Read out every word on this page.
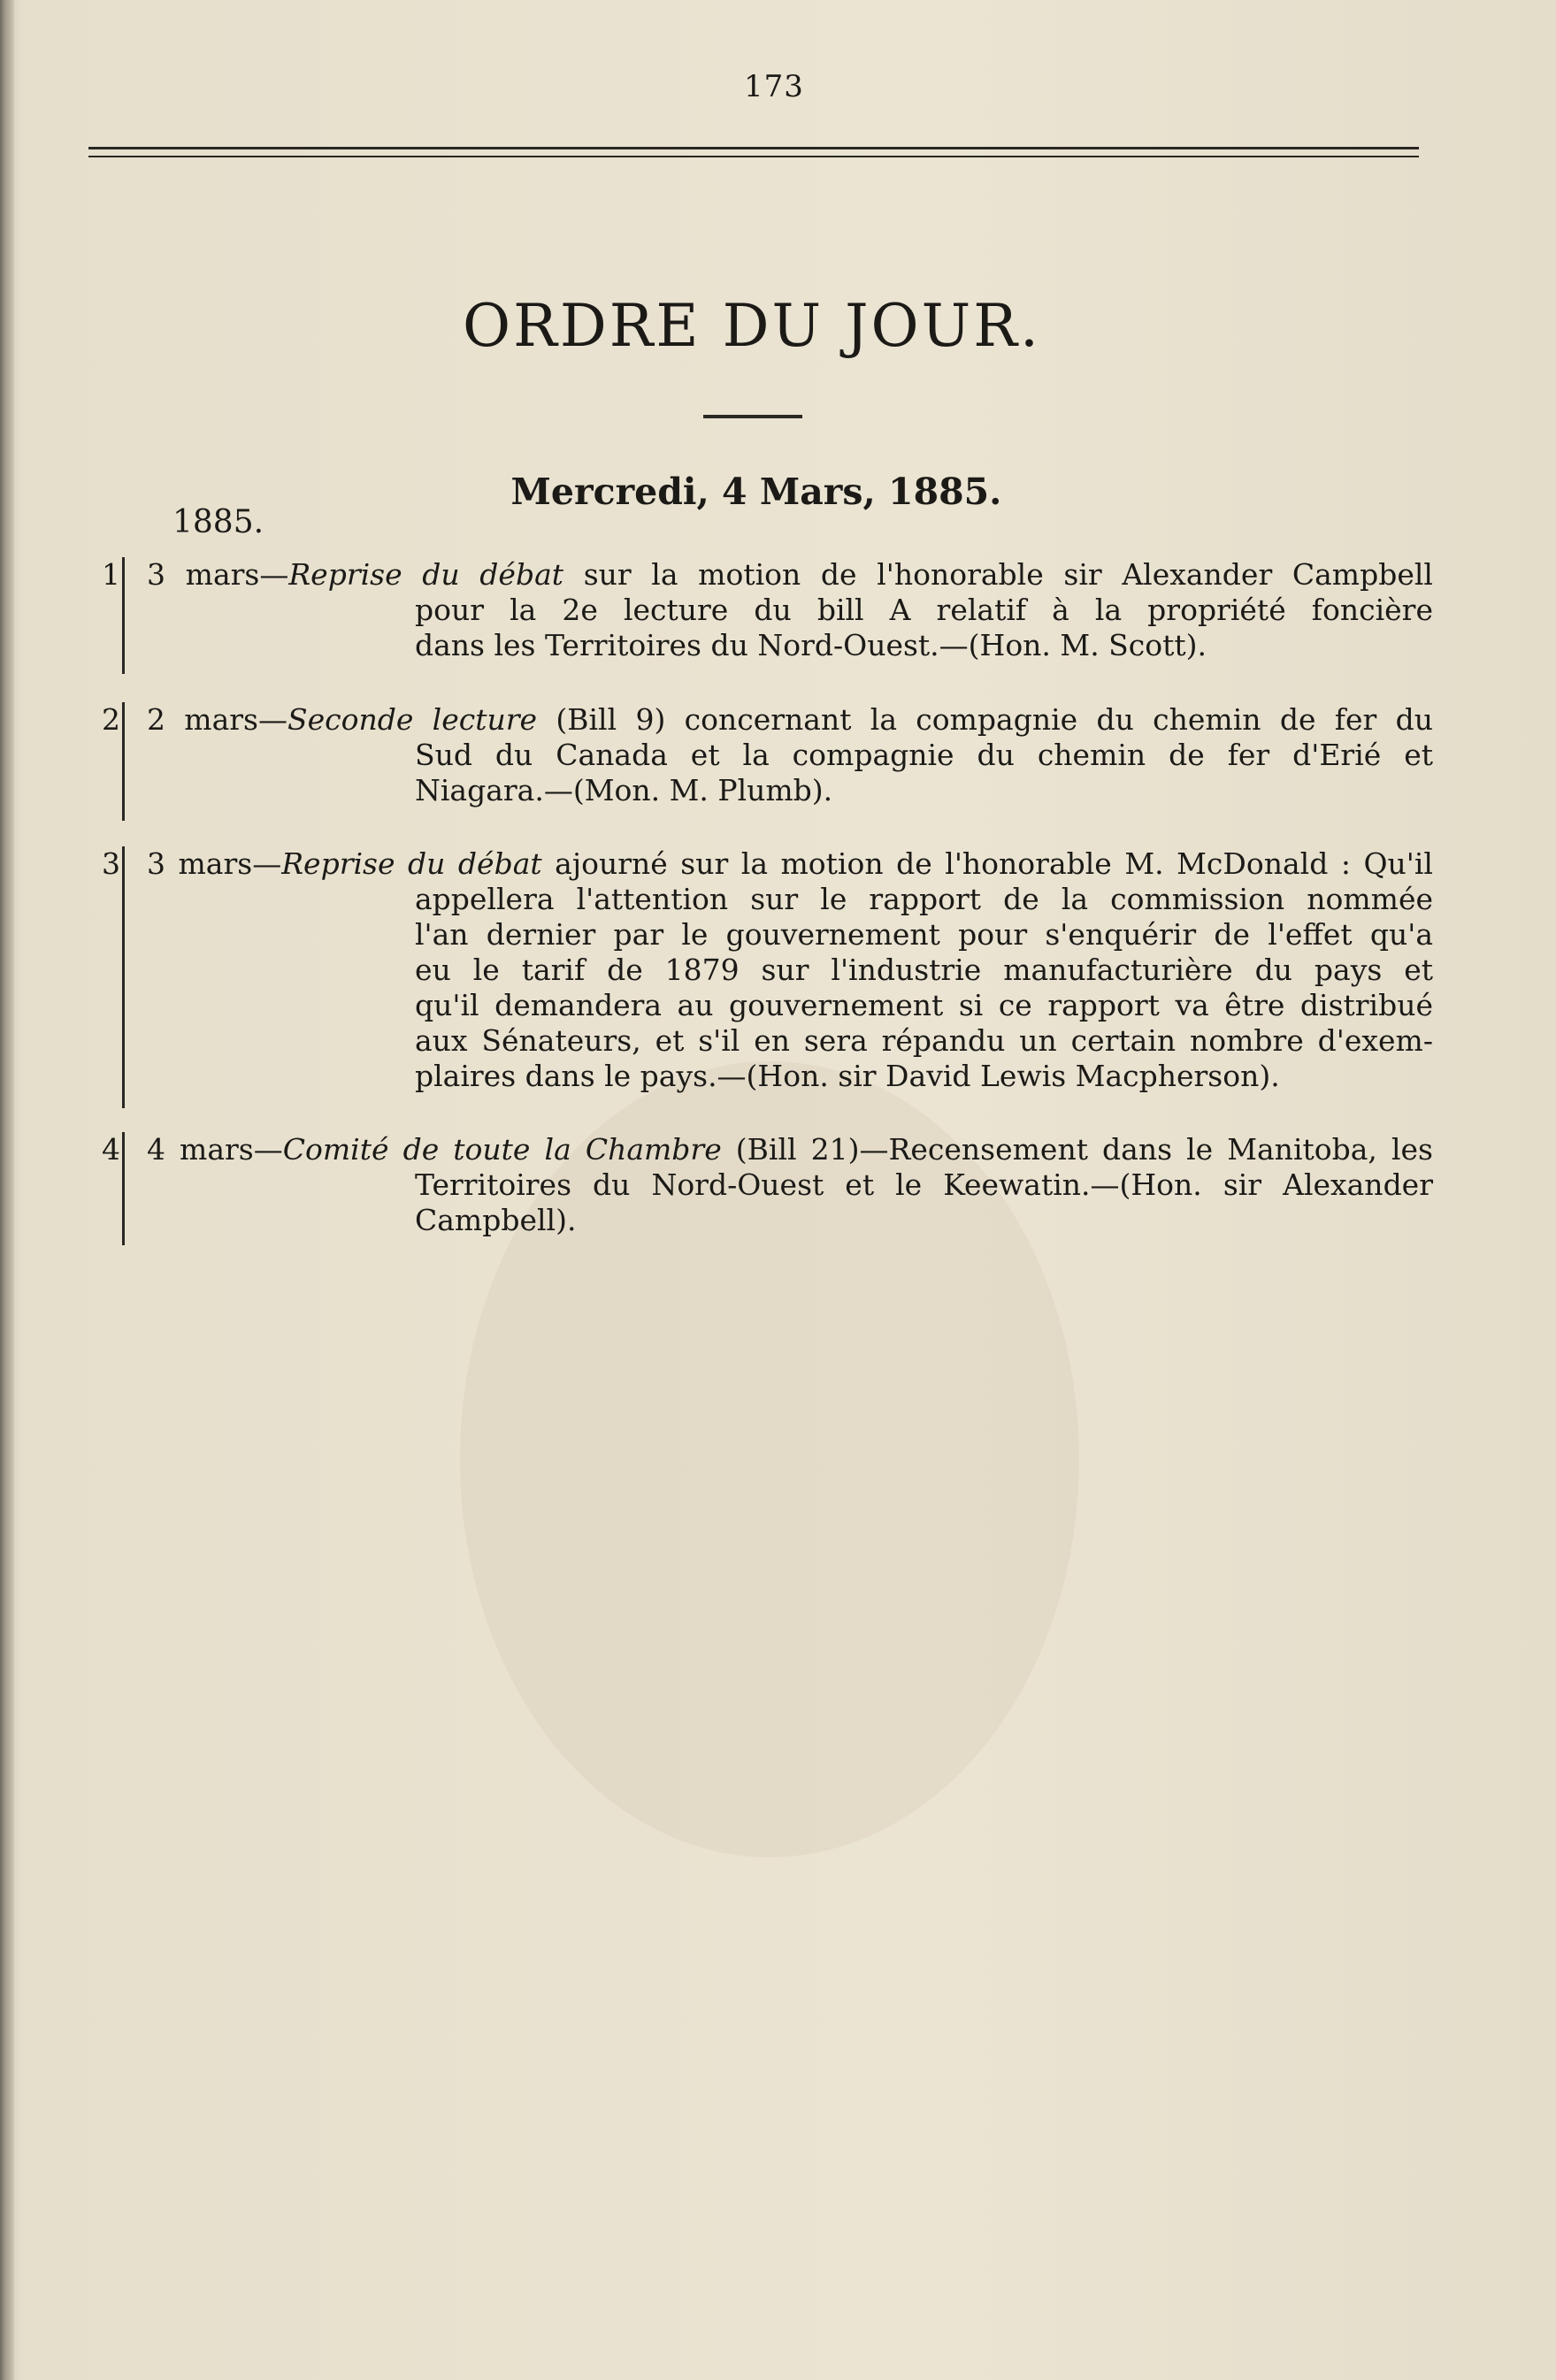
173
ORDRE DU JOUR.
Mercredi, 4 Mars, 1885.
1885.
1 3 mars—Reprise du débat sur la motion de l'honorable sir Alexander Campbell
pour la 2e lecture du bill A relatif à la propriété foncière
dans les Territoires du Nord-Ouest.—(Hon. M. Scott).
2 2 mars—Seconde lecture (Bill 9) concernant la compagnie du chemin de fer du
Sud du Canada et la compagnie du chemin de fer d'Erié et
Niagara.—(Mon. M. Plumb).
3 3 mars—Reprise du débat ajourné sur la motion de l'honorable M. McDonald : Qu'il
appellera l'attention sur le rapport de la commission nommée
l'an dernier par le gouvernement pour s'enquérir de l'effet qu'a
eu le tarif de 1879 sur l'industrie manufacturière du pays et
qu'il demandera au gouvernement si ce rapport va être distribué
aux Sénateurs, et s'il en sera répandu un certain nombre d'exem-
plaires dans le pays.—(Hon. sir David Lewis Macpherson).
4 4 mars—Comité de toute la Chambre (Bill 21)—Recensement dans le Manitoba, les
Territoires du Nord-Ouest et le Keewatin.—(Hon. sir Alexander
Campbell).
